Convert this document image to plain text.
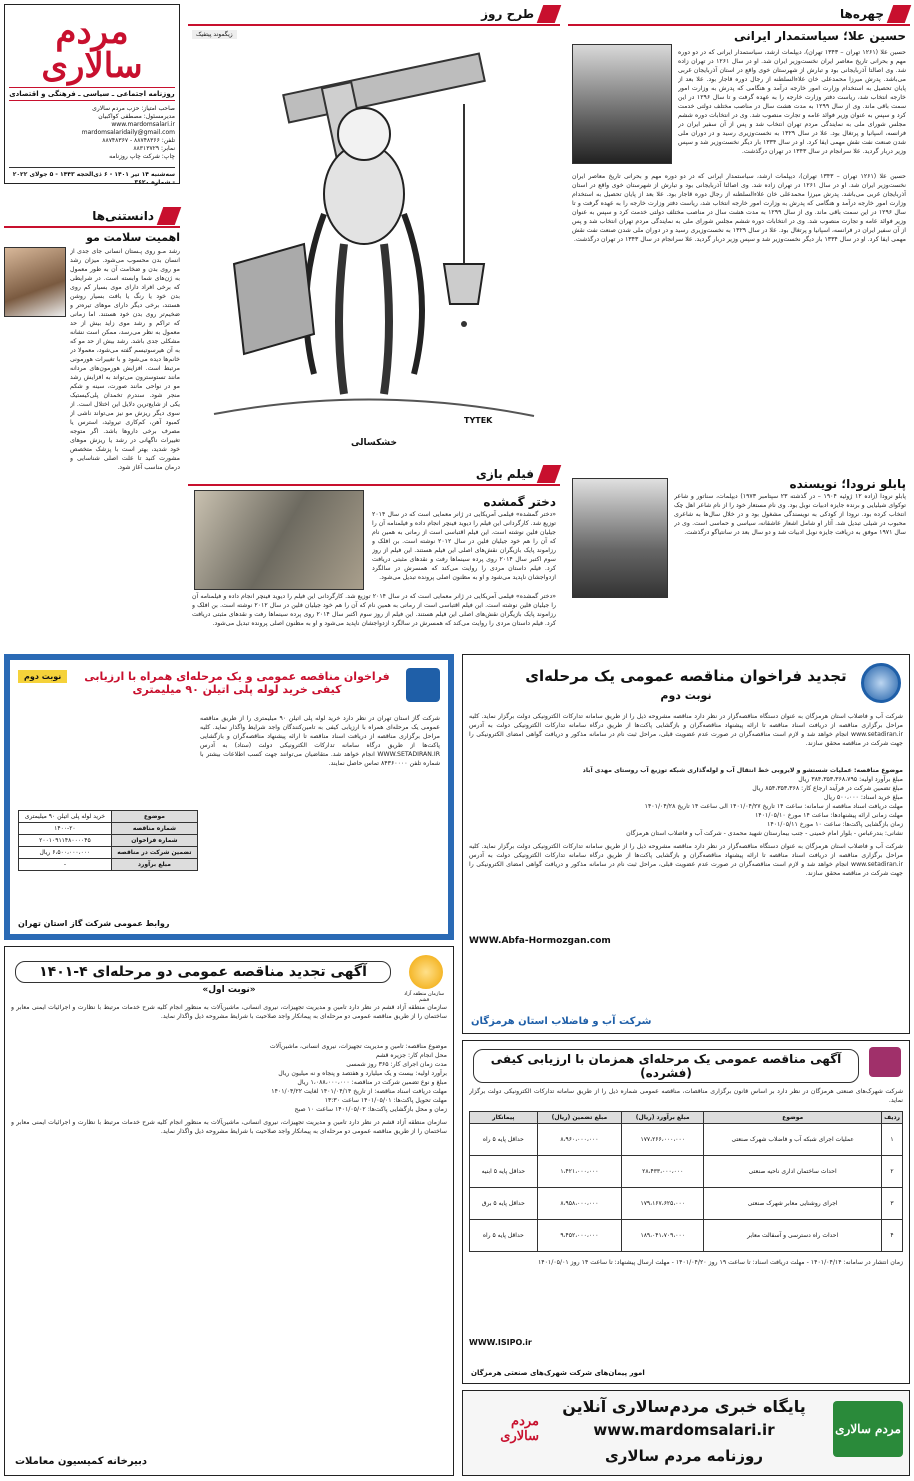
مردم سالاری
روزنامه اجتماعی ـ سیاسی ـ فرهنگی و اقتصادی
صاحب امتیاز: حزب مردم سالاری
مدیرمسئول: مصطفی کواکبیان
www.mardomsalari.ir
mardomsalaridaily@gmail.com
تلفن: ۸۸۷۴۸۳۶۶ - ۸۸۷۴۸۳۶۷
نمابر: ۸۸۳۱۳۷۲۹
چاپ: شرکت چاپ روزنامه
سه‌شنبه ۱۴ تیر ۱۴۰۱ - ۶ ذی‌الحجه ۱۴۴۳ - ۵ جولای ۲۰۲۲ - شماره ۳۶۲۰
دانستنی‌ها
اهمیت سلامت مو
رشد مـو روی پـستان انسانی جای جدی از انسان بدن محسوب می‌شود. میزان رشد مو روی بدن و ضخامت آن به طور معمول به ژن‌های شما وابسته است. در شرایطی که برخی افراد دارای موی بسیار کم روی بدن خود یا رنگ یا بافت بسیار روشن هستند، برخی دیگر دارای موهای تیره‌تر و ضخیم‌تر روی بدن خود هستند. اما زمانی که تراکم و رشد موی زاید بیش از حد معمول به نظر می‌رسد، ممکن است نشانه مشکلی جدی باشد. رشد بیش از حد مو که به آن هیرسوتیسم گفته می‌شود، معمولا در خانم‌ها دیده می‌شود و با تغییرات هورمونی مرتبط است. افزایش هورمون‌های مردانه مانند تستوسترون می‌تواند به افزایش رشد مو در نواحی مانند صورت، سینه و شکم منجر شود. سندرم تخمدان پلی‌کیستیک یکی از شایع‌ترین دلایل این اختلال است. از سوی دیگر ریزش مو نیز می‌تواند ناشی از کمبود آهن، کم‌کاری تیروئید، استرس یا مصرف برخی داروها باشد. اگر متوجه تغییرات ناگهانی در رشد یا ریزش موهای خود شدید، بهتر است با پزشک متخصص مشورت کنید تا علت اصلی شناسایی و درمان مناسب آغاز شود.
طرح روز
زیگموند پیتفیک
TYTEK
خشکسالی
فیلم بازی
دختر گمشده
«دختر گمشده» فیلمی آمریکایی در ژانر معمایی است که در سال ۲۰۱۴ توزیع شد. کارگردانی این فیلم را دیوید فینچر انجام داده و فیلمنامه آن را جیلیان فلین نوشته است. این فیلم اقتباسی است از رمانی به همین نام که آن را هم خود جیلیان فلین در سال ۲۰۱۲ نوشته است. بن افلک و رزاموند پایک بازیگران نقش‌های اصلی این فیلم هستند. این فیلم از روز سوم اکتبر سال ۲۰۱۴ روی پرده سینماها رفت و نقدهای مثبتی دریافت کرد. فیلم داستان مردی را روایت می‌کند که همسرش در سالگرد ازدواجشان ناپدید می‌شود و او به مظنون اصلی پرونده تبدیل می‌شود.
«دختر گمشده» فیلمی آمریکایی در ژانر معمایی است که در سال ۲۰۱۴ توزیع شد. کارگردانی این فیلم را دیوید فینچر انجام داده و فیلمنامه آن را جیلیان فلین نوشته است. این فیلم اقتباسی است از رمانی به همین نام که آن را هم خود جیلیان فلین در سال ۲۰۱۲ نوشته است. بن افلک و رزاموند پایک بازیگران نقش‌های اصلی این فیلم هستند. این فیلم از روز سوم اکتبر سال ۲۰۱۴ روی پرده سینماها رفت و نقدهای مثبتی دریافت کرد. فیلم داستان مردی را روایت می‌کند که همسرش در سالگرد ازدواجشان ناپدید می‌شود و او به مظنون اصلی پرونده تبدیل می‌شود.
چهره‌ها
حسین علا؛ سیاستمدار ایرانی
حسین علا (۱۲۶۱ تهران – ۱۳۴۳ تهران)، دیپلمات ارشد، سیاستمدار ایرانی که در دو دوره مهم و بحرانی تاریخ معاصر ایران نخست‌وزیر ایران شد. او در سال ۱۲۶۱ در تهران زاده شد. وی اصالتا آذربایجانی بود و تبارش از شهرستان خوی واقع در استان آذربایجان غربی می‌باشد. پدرش میرزا محمدعلی خان علاءالسلطنه از رجال دوره قاجار بود. علا بعد از پایان تحصیل به استخدام وزارت امور خارجه درآمد و هنگامی که پدرش به وزارت امور خارجه انتخاب شد، ریاست دفتر وزارت خارجه را به عهده گرفت و تا سال ۱۲۹۶ در این سمت باقی ماند. وی از سال ۱۲۹۹ به مدت هشت سال در مناصب مختلف دولتی خدمت کرد و سپس به عنوان وزیر فوائد عامه و تجارت منصوب شد. وی در انتخابات دوره ششم مجلس شورای ملی به نمایندگی مردم تهران انتخاب شد و پس از آن سفیر ایران در فرانسه، اسپانیا و پرتغال بود. علا در سال ۱۳۲۹ به نخست‌وزیری رسید و در دوران ملی شدن صنعت نفت نقش مهمی ایفا کرد. او در سال ۱۳۳۴ بار دیگر نخست‌وزیر شد و سپس وزیر دربار گردید. علا سرانجام در سال ۱۳۴۳ در تهران درگذشت.
حسین علا (۱۲۶۱ تهران – ۱۳۴۳ تهران)، دیپلمات ارشد، سیاستمدار ایرانی که در دو دوره مهم و بحرانی تاریخ معاصر ایران نخست‌وزیر ایران شد. او در سال ۱۲۶۱ در تهران زاده شد. وی اصالتا آذربایجانی بود و تبارش از شهرستان خوی واقع در استان آذربایجان غربی می‌باشد. پدرش میرزا محمدعلی خان علاءالسلطنه از رجال دوره قاجار بود. علا بعد از پایان تحصیل به استخدام وزارت امور خارجه درآمد و هنگامی که پدرش به وزارت امور خارجه انتخاب شد، ریاست دفتر وزارت خارجه را به عهده گرفت و تا سال ۱۲۹۶ در این سمت باقی ماند. وی از سال ۱۲۹۹ به مدت هشت سال در مناصب مختلف دولتی خدمت کرد و سپس به عنوان وزیر فوائد عامه و تجارت منصوب شد. وی در انتخابات دوره ششم مجلس شورای ملی به نمایندگی مردم تهران انتخاب شد و پس از آن سفیر ایران در فرانسه، اسپانیا و پرتغال بود. علا در سال ۱۳۲۹ به نخست‌وزیری رسید و در دوران ملی شدن صنعت نفت نقش مهمی ایفا کرد. او در سال ۱۳۳۴ بار دیگر نخست‌وزیر شد و سپس وزیر دربار گردید. علا سرانجام در سال ۱۳۴۳ در تهران درگذشت.
پابلو نرودا؛ نویسنده
پابلو نرودا (زاده ۱۲ ژوئیه ۱۹۰۴ – در گذشته ۲۳ سپتامبر ۱۹۷۳) دیپلمات، سناتور و شاعر توکوای شیلیایی و برنده جایزه ادبیات نوبل بود. وی نام مستعار خود را از نام شاعر اهل چک انتخاب کرده بود. نرودا از کودکی به نویسندگی مشغول بود و در خلال سال‌ها به شاعری محبوب در شیلی تبدیل شد. آثار او شامل اشعار عاشقانه، سیاسی و حماسی است. وی در سال ۱۹۷۱ موفق به دریافت جایزه نوبل ادبیات شد و دو سال بعد در سانتیاگو درگذشت.
تجدید فراخوان مناقصه عمومی یک مرحله‌ای
نوبت دوم
شرکت آب و فاضلاب استان هرمزگان به عنوان دستگاه مناقصه‌گزار در نظر دارد مناقصه مشروحه ذیل را از طریق سامانه تدارکات الکترونیکی دولت برگزار نماید. کلیه مراحل برگزاری مناقصه از دریافت اسناد مناقصه تا ارائه پیشنهاد مناقصه‌گران و بازگشایی پاکت‌ها از طریق درگاه سامانه تدارکات الکترونیکی دولت به آدرس www.setadiran.ir انجام خواهد شد و لازم است مناقصه‌گران در صورت عدم عضویت قبلی، مراحل ثبت نام در سامانه مذکور و دریافت گواهی امضای الکترونیکی را جهت شرکت در مناقصه محقق سازند.
موضوع مناقصه: عملیات شستشو و لایروبی خط انتقال آب و لوله‌گذاری شبکه توزیع آب روستای مهدی آباد
مبلغ برآورد اولیه: ۳۸۴،۳۵۳،۳۶۸،۷۹۵ ریال
مبلغ تضمین شرکت در فرآیند ارجاع کار: ۸۵۴،۳۵۳،۳۶۸ ریال
مبلغ خرید اسناد: ۵۰۰،۰۰۰ ریال
مهلت دریافت اسناد مناقصه از سامانه: ساعت ۱۴ تاریخ ۱۴۰۱/۰۴/۲۷ الی ساعت ۱۴ تاریخ ۱۴۰۱/۰۴/۲۸
مهلت زمانی ارائه پیشنهادها: ساعت ۱۴ مورخ ۱۴۰۱/۰۵/۱۰
زمان بازگشایی پاکت‌ها: ساعت ۱۰ مورخ ۱۴۰۱/۰۵/۱۱
نشانی: بندرعباس - بلوار امام خمینی - جنب بیمارستان شهید محمدی - شرکت آب و فاضلاب استان هرمزگان
شرکت آب و فاضلاب استان هرمزگان به عنوان دستگاه مناقصه‌گزار در نظر دارد مناقصه مشروحه ذیل را از طریق سامانه تدارکات الکترونیکی دولت برگزار نماید. کلیه مراحل برگزاری مناقصه از دریافت اسناد مناقصه تا ارائه پیشنهاد مناقصه‌گران و بازگشایی پاکت‌ها از طریق درگاه سامانه تدارکات الکترونیکی دولت به آدرس www.setadiran.ir انجام خواهد شد و لازم است مناقصه‌گران در صورت عدم عضویت قبلی، مراحل ثبت نام در سامانه مذکور و دریافت گواهی امضای الکترونیکی را جهت شرکت در مناقصه محقق سازند.
WWW.Abfa-Hormozgan.com
شرکت آب و فاضلاب استان هرمزگان
نوبت دوم	فراخوان مناقصه عمومی و یک مرحله‌ای همراه با ارزیابی کیفی خرید لوله پلی اتیلن ۹۰ میلیمتری
شرکت گاز استان تهران در نظر دارد خرید لوله پلی اتیلن ۹۰ میلیمتری را از طریق مناقصه عمومی یک مرحله‌ای همراه با ارزیابی کیفی به تامین‌کنندگان واجد شرایط واگذار نماید. کلیه مراحل برگزاری مناقصه از دریافت اسناد مناقصه تا ارائه پیشنهاد مناقصه‌گران و بازگشایی پاکت‌ها از طریق درگاه سامانه تدارکات الکترونیکی دولت (ستاد) به آدرس WWW.SETADIRAN.IR انجام خواهد شد. متقاضیان می‌توانند جهت کسب اطلاعات بیشتر با شماره تلفن ۸۴۳۶۰۰۰۰ تماس حاصل نمایند.
موضوع	خرید لوله پلی اتیلن ۹۰ میلیمتری
شماره مناقصه	۱۴۰۰-۲۰
شماره فراخوان	۲۰۰۱۰۹۱۱۴۸۰۰۰۰۴۵
تضمین شرکت در مناقصه	۶،۵۰۰،۰۰۰،۰۰۰ ریال
مبلغ برآورد	-
روابط عمومی شرکت گاز استان تهران
سازمان منطقه آزاد قشم
آگهی تجدید مناقصه عمومی دو مرحله‌ای ۴-۱۴۰۱
«نوبت اول»
سازمان منطقه آزاد قشم در نظر دارد تامین و مدیریت تجهیزات، نیروی انسانی، ماشین‌آلات به منظور انجام کلیه شرح خدمات مرتبط با نظارت و اجرائیات ایمنی معابر و ساختمان را از طریق مناقصه عمومی دو مرحله‌ای به پیمانکار واجد صلاحیت با شرایط مشروحه ذیل واگذار نماید.
موضوع مناقصه: تامین و مدیریت تجهیزات، نیروی انسانی، ماشین‌آلات
محل انجام کار: جزیره قشم
مدت زمان اجرای کار: ۳۶۵ روز شمسی
برآورد اولیه: بیست و یک میلیارد و هفتصد و پنجاه و نه میلیون ریال
مبلغ و نوع تضمین شرکت در مناقصه: ۱،۰۸۸،۰۰۰،۰۰۰ ریال
مهلت دریافت اسناد مناقصه: از تاریخ ۱۴۰۱/۰۴/۱۴ لغایت ۱۴۰۱/۰۴/۲۲
مهلت تحویل پاکت‌ها: ۱۴۰۱/۰۵/۰۱ ساعت ۱۳:۳۰
زمان و محل بازگشایی پاکت‌ها: ۱۴۰۱/۰۵/۰۲ ساعت ۱۰ صبح
سازمان منطقه آزاد قشم در نظر دارد تامین و مدیریت تجهیزات، نیروی انسانی، ماشین‌آلات به منظور انجام کلیه شرح خدمات مرتبط با نظارت و اجرائیات ایمنی معابر و ساختمان را از طریق مناقصه عمومی دو مرحله‌ای به پیمانکار واجد صلاحیت با شرایط مشروحه ذیل واگذار نماید.
دبیرخانه کمیسیون معاملات
آگهی مناقصه عمومی یک مرحله‌ای همزمان با ارزیابی کیفی (فشرده)
شرکت شهرک‌های صنعتی هرمزگان در نظر دارد بر اساس قانون برگزاری مناقصات، مناقصه عمومی شماره ذیل را از طریق سامانه تدارکات الکترونیکی دولت برگزار نماید.
ردیف	موضوع	مبلغ برآورد (ریال)	مبلغ تضمین (ریال)	پیمانکار
۱	عملیات اجرای شبکه آب و فاضلاب شهرک صنعتی	۱۷۷،۲۶۶،۰۰۰،۰۰۰	۸،۹۶۰،۰۰۰،۰۰۰	حداقل پایه ۵ راه
۲	احداث ساختمان اداری ناحیه صنعتی	۲۸،۴۳۳،۰۰۰،۰۰۰	۱،۴۲۱،۰۰۰،۰۰۰	حداقل پایه ۵ ابنیه
۳	اجرای روشنایی معابر شهرک صنعتی	۱۷۹،۱۶۷،۶۲۵،۰۰۰	۸،۹۵۸،۰۰۰،۰۰۰	حداقل پایه ۵ برق
۴	احداث راه دسترسی و آسفالت معابر	۱۸۹،۰۴۱،۷۰۹،۰۰۰	۹،۴۵۲،۰۰۰،۰۰۰	حداقل پایه ۵ راه
زمان انتشار در سامانه: ۱۴۰۱/۰۴/۱۴ - مهلت دریافت اسناد: تا ساعت ۱۹ روز ۱۴۰۱/۰۴/۲۰ - مهلت ارسال پیشنهاد: تا ساعت ۱۴ روز ۱۴۰۱/۰۵/۰۱
WWW.ISIPO.ir
امور پیمان‌های شرکت شهرک‌های صنعتی هرمزگان
مردم سالاری
پایگاه خبری مردم‌سالاری آنلاین
www.mardomsalari.ir
روزنامه مردم سالاری
مردم سالاری
